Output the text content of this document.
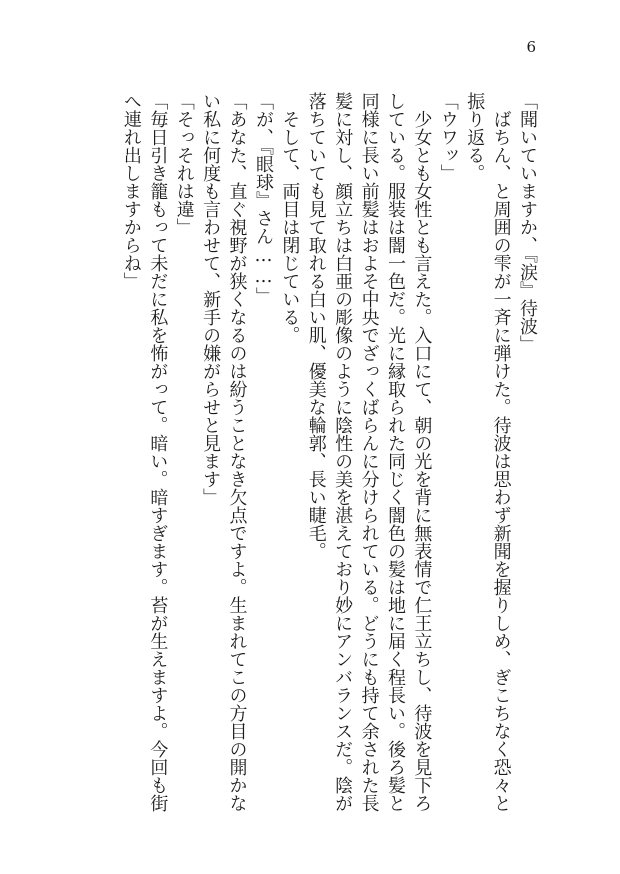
6
「聞いていますか、『涙』待波」
　ばちん、と周囲の雫が一斉に弾けた。待波は思わず新聞を握りしめ、ぎこちなく恐々と
振り返る。
「ウワッ」
　少女とも女性とも言えた。入口にて、朝の光を背に無表情で仁王立ちし、待波を見下ろ
している。服装は闇一色だ。光に縁取られた同じく闇色の髪は地に届く程長い。後ろ髪と
同様に長い前髪はおよそ中央でざっくばらんに分けられている。どうにも持て余された長
髪に対し、顔立ちは白亜の彫像のように陰性の美を湛えており妙にアンバランスだ。陰が
落ちていても見て取れる白い肌、優美な輪郭、長い睫毛。
　そして、両目は閉じている。
「が、『眼球』さん……」
「あなた、直ぐ視野が狭くなるのは紛うことなき欠点ですよ。生まれてこの方目の開かな
い私に何度も言わせて、新手の嫌がらせと見ます」
「そっそれは違」
「毎日引き籠もって未だに私を怖がって。暗い。暗すぎます。苔が生えますよ。今回も街
へ連れ出しますからね」
